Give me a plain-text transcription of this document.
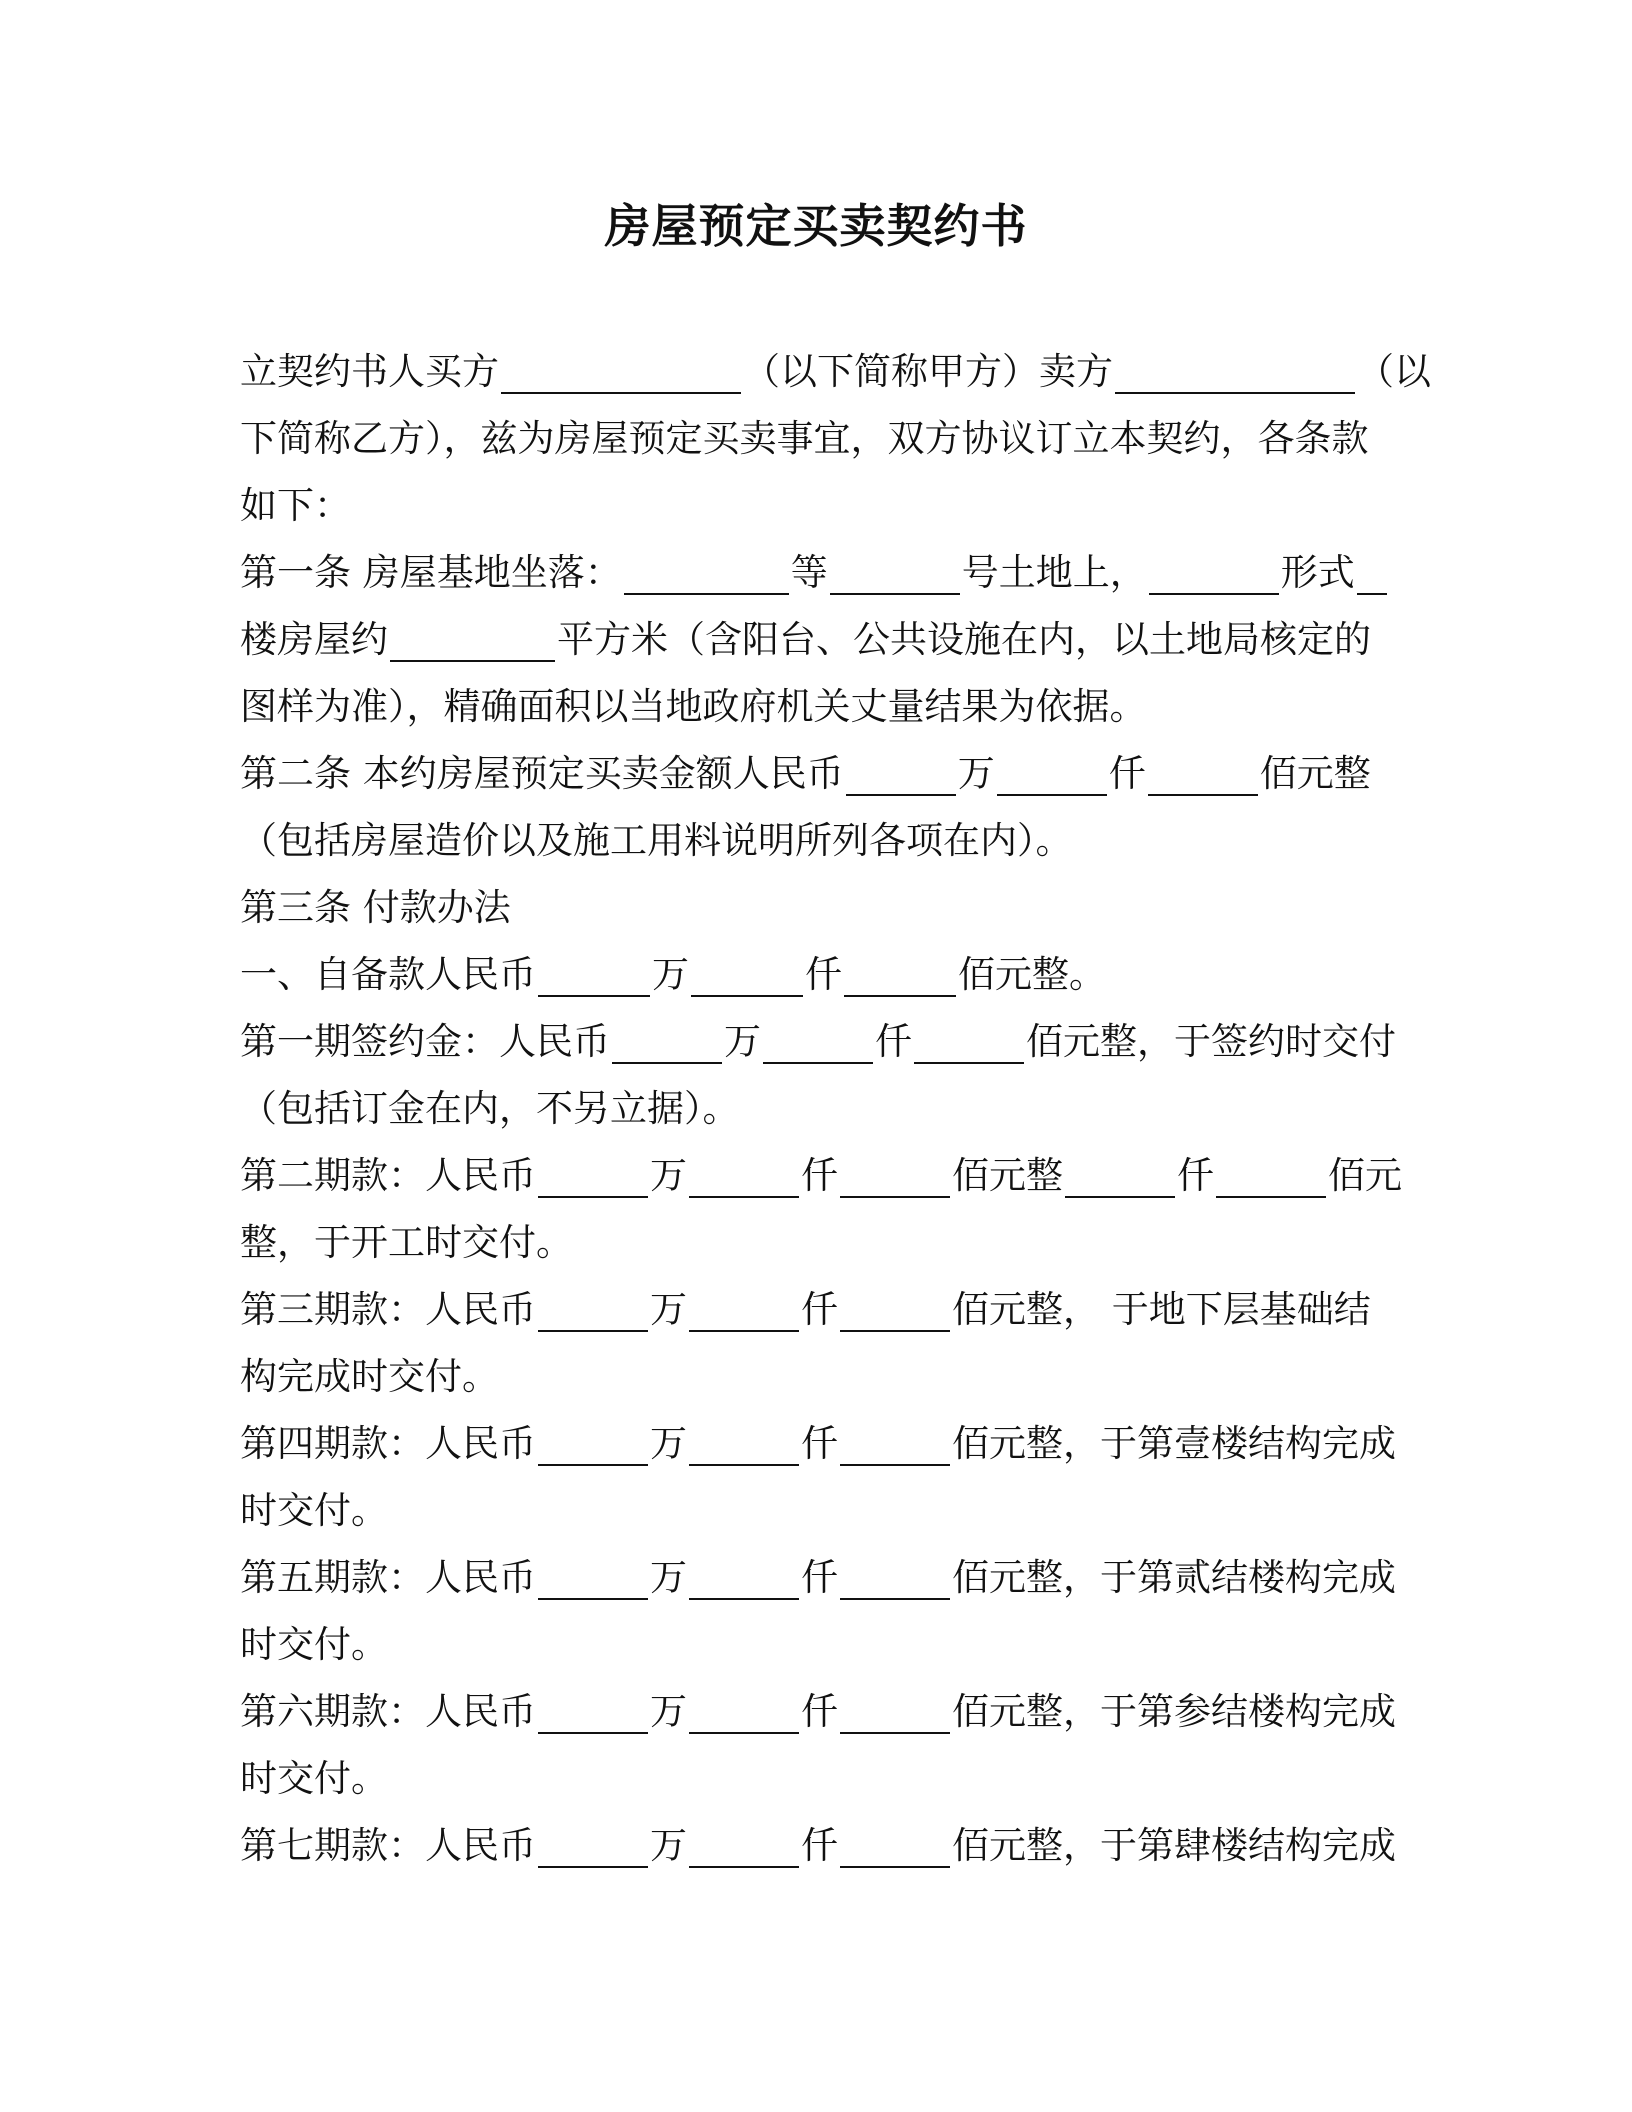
房屋预定买卖契约书
立契约书人买方	（以下简称甲方）卖方	（以
下简称乙方），兹为房屋预定买卖事宜，双方协议订立本契约，各条款
如下：
第一条 房屋基地坐落：	等	号土地上，	形式
楼房屋约	平方米（含阳台、公共设施在内，以土地局核定的
图样为准），精确面积以当地政府机关丈量结果为依据。
第二条 本约房屋预定买卖金额人民币	万	仟	佰元整
（包括房屋造价以及施工用料说明所列各项在内）。
第三条 付款办法
一、自备款人民币	万	仟	佰元整。
第一期签约金：人民币	万	仟	佰元整，于签约时交付
（包括订金在内，不另立据）。
第二期款：人民币	万	仟	佰元整	仟	佰元
整，于开工时交付。
第三期款：人民币	万	仟	佰元整， 于地下层基础结
构完成时交付。
第四期款：人民币	万	仟	佰元整，于第壹楼结构完成
时交付。
第五期款：人民币	万	仟	佰元整，于第贰结楼构完成
时交付。
第六期款：人民币	万	仟	佰元整，于第参结楼构完成
时交付。
第七期款：人民币	万	仟	佰元整，于第肆楼结构完成
